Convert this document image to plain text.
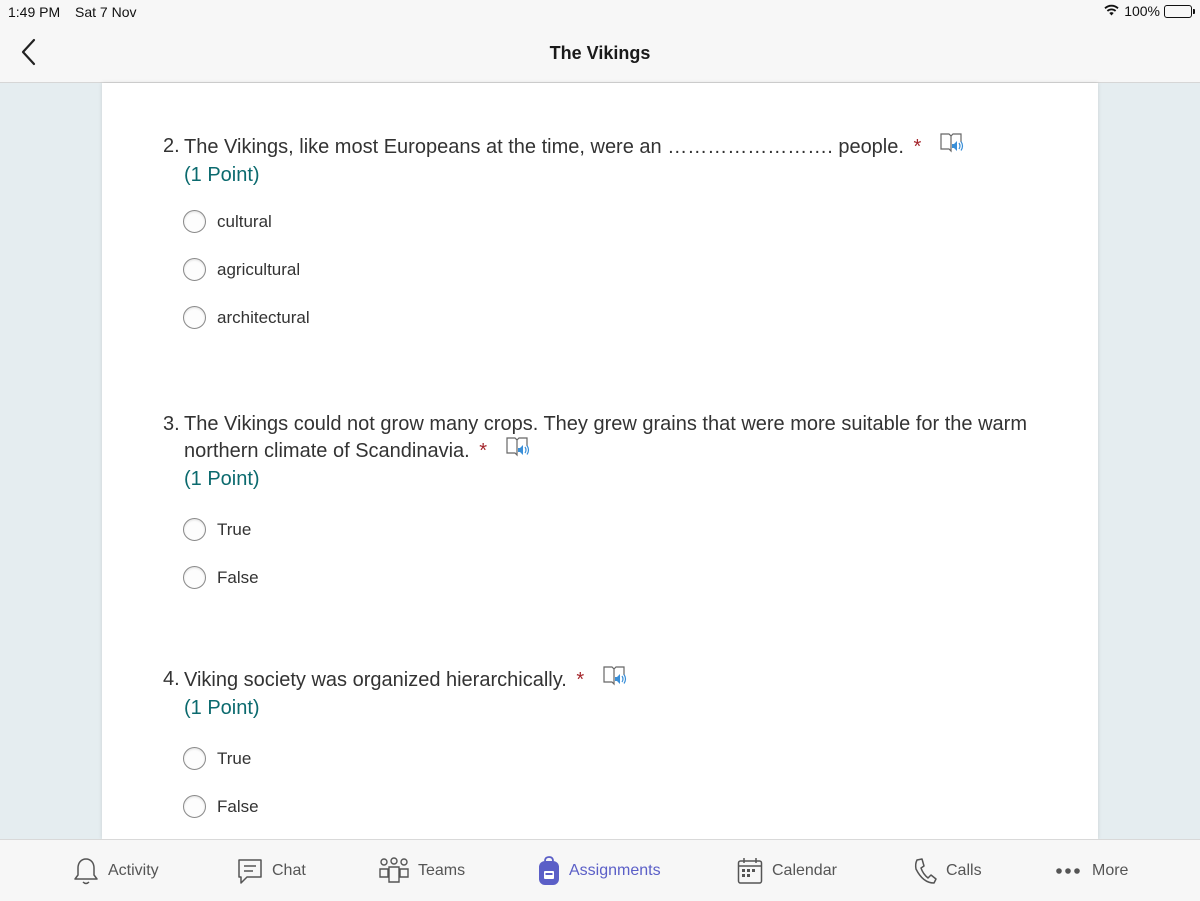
1:49 PM Sat 7 Nov	100%
The Vikings
2. The Vikings, like most Europeans at the time, were an ……………………. people. *
(1 Point)
cultural
agricultural
architectural
3. The Vikings could not grow many crops. They grew grains that were more suitable for the warm northern climate of Scandinavia. *
(1 Point)
True
False
4. Viking society was organized hierarchically. *
(1 Point)
True
False
Activity	Chat	Teams	Assignments	Calendar	Calls	More
